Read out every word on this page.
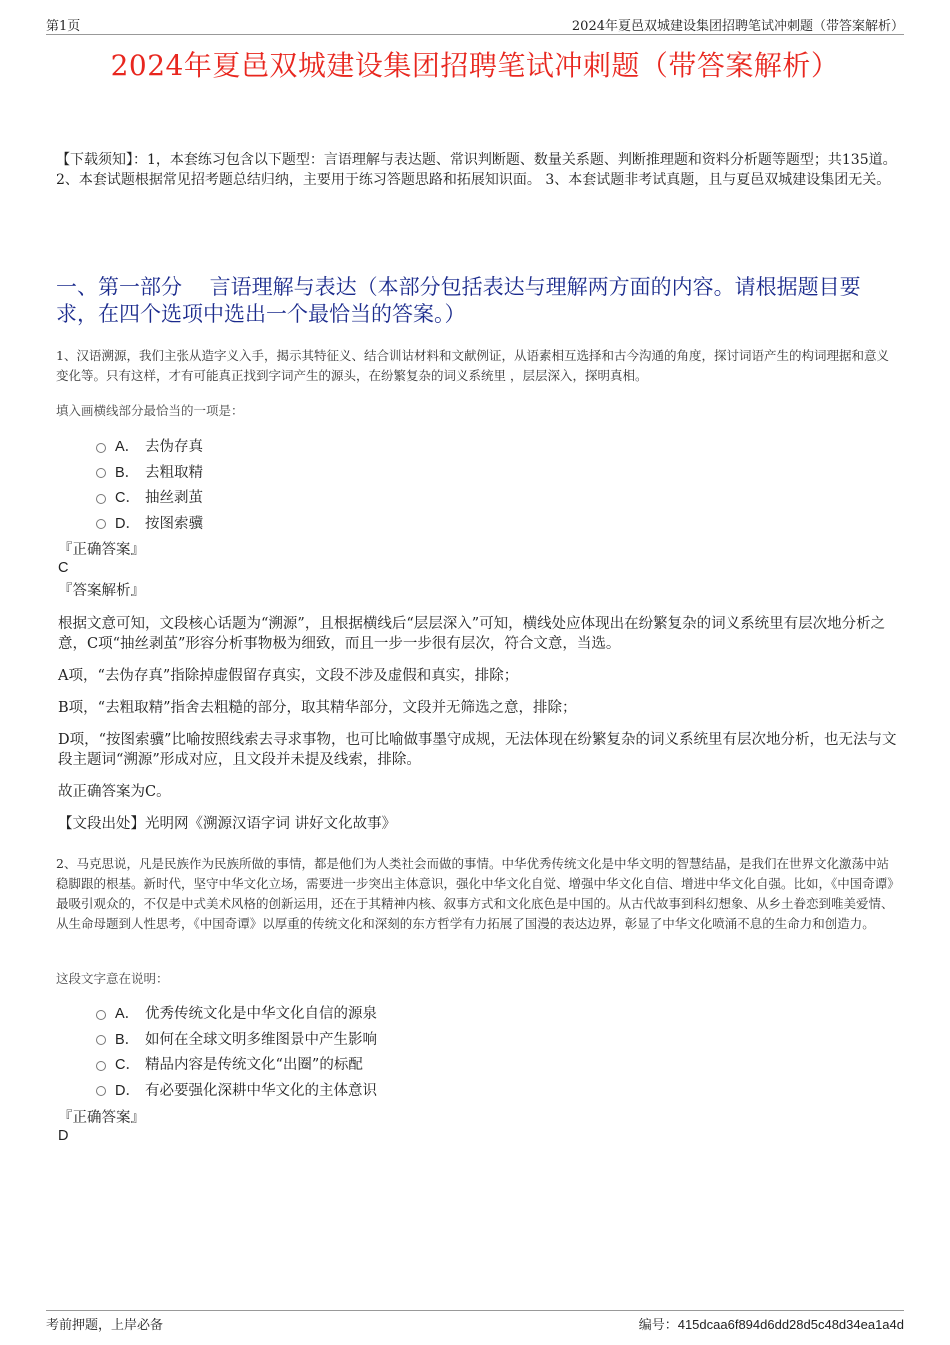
第1页	2024年夏邑双城建设集团招聘笔试冲刺题（带答案解析）
2024年夏邑双城建设集团招聘笔试冲刺题（带答案解析）
【下载须知】：1，本套练习包含以下题型：言语理解与表达题、常识判断题、数量关系题、判断推理题和资料分析题等题型；共135道。 2、本套试题根据常见招考题总结归纳，主要用于练习答题思路和拓展知识面。 3、本套试题非考试真题，且与夏邑双城建设集团无关。
一、第一部分　 言语理解与表达（本部分包括表达与理解两方面的内容。请根据题目要求，在四个选项中选出一个最恰当的答案。）
1、汉语溯源，我们主张从造字义入手，揭示其特征义、结合训诂材料和文献例证，从语素相互选择和古今沟通的角度，探讨词语产生的构词理据和意义变化等。只有这样，才有可能真正找到字词产生的源头，在纷繁复杂的词义系统里 ，层层深入，探明真相。
填入画横线部分最恰当的一项是：
A． 去伪存真
B． 去粗取精
C． 抽丝剥茧
D． 按图索骥
『正确答案』
C
『答案解析』

根据文意可知，文段核心话题为“溯源”，且根据横线后“层层深入”可知，横线处应体现出在纷繁复杂的词义系统里有层次地分析之意，C项“抽丝剥茧”形容分析事物极为细致，而且一步一步很有层次，符合文意，当选。

A项，“去伪存真”指除掉虚假留存真实，文段不涉及虚假和真实，排除；

B项，“去粗取精”指舍去粗糙的部分，取其精华部分，文段并无筛选之意，排除；

D项，“按图索骥”比喻按照线索去寻求事物，也可比喻做事墨守成规，无法体现在纷繁复杂的词义系统里有层次地分析，也无法与文段主题词“溯源”形成对应，且文段并未提及线索，排除。

故正确答案为C。

【文段出处】光明网《溯源汉语字词 讲好文化故事》

2、马克思说，凡是民族作为民族所做的事情，都是他们为人类社会而做的事情。中华优秀传统文化是中华文明的智慧结晶，是我们在世界文化激荡中站稳脚跟的根基。新时代，坚守中华文化立场，需要进一步突出主体意识，强化中华文化自觉、增强中华文化自信、增进中华文化自强。比如，《中国奇谭》最吸引观众的，不仅是中式美术风格的创新运用，还在于其精神内核、叙事方式和文化底色是中国的。从古代故事到科幻想象、从乡土眷恋到唯美爱情、从生命母题到人性思考，《中国奇谭》以厚重的传统文化和深刻的东方哲学有力拓展了国漫的表达边界，彰显了中华文化喷涌不息的生命力和创造力。
这段文字意在说明：
A． 优秀传统文化是中华文化自信的源泉
B． 如何在全球文明多维图景中产生影响
C． 精品内容是传统文化“出圈”的标配
D． 有必要强化深耕中华文化的主体意识
『正确答案』
D
考前押题，上岸必备	编号：415dcaa6f894d6dd28d5c48d34ea1a4d
